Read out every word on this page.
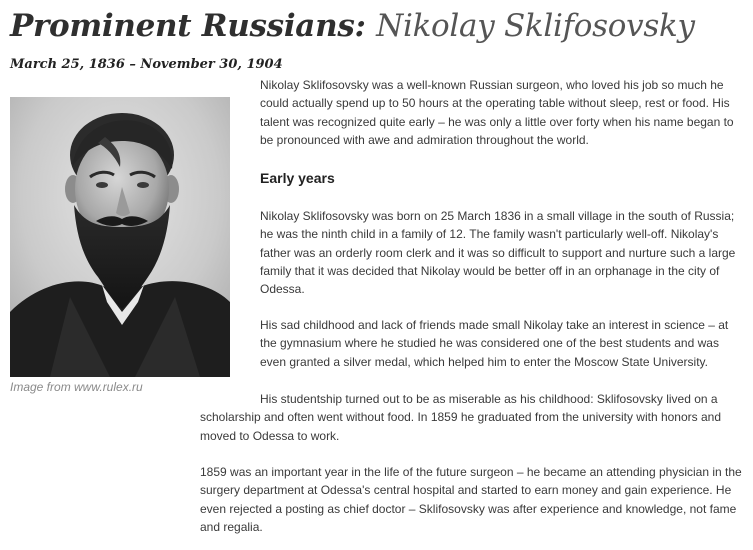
Prominent Russians: Nikolay Sklifosovsky

March 25, 1836 – November 30, 1904

Image from www.rulex.ru

Nikolay Sklifosovsky was a well-known Russian surgeon, who loved his job so much he could actually spend up to 50 hours at the operating table without sleep, rest or food. His talent was recognized quite early – he was only a little over forty when his name began to be pronounced with awe and admiration throughout the world.

Early years

Nikolay Sklifosovsky was born on 25 March 1836 in a small village in the south of Russia; he was the ninth child in a family of 12. The family wasn't particularly well-off. Nikolay's father was an orderly room clerk and it was so difficult to support and nurture such a large family that it was decided that Nikolay would be better off in an orphanage in the city of Odessa.

His sad childhood and lack of friends made small Nikolay take an interest in science – at the gymnasium where he studied he was considered one of the best students and was even granted a silver medal, which helped him to enter the Moscow State University.

His studentship turned out to be as miserable as his childhood: Sklifosovsky lived on a scholarship and often went without food. In 1859 he graduated from the university with honors and moved to Odessa to work.

1859 was an important year in the life of the future surgeon – he became an attending physician in the surgery department at Odessa's central hospital and started to earn money and gain experience. He even rejected a posting as chief doctor – Sklifosovsky was after experience and knowledge, not fame and regalia.
